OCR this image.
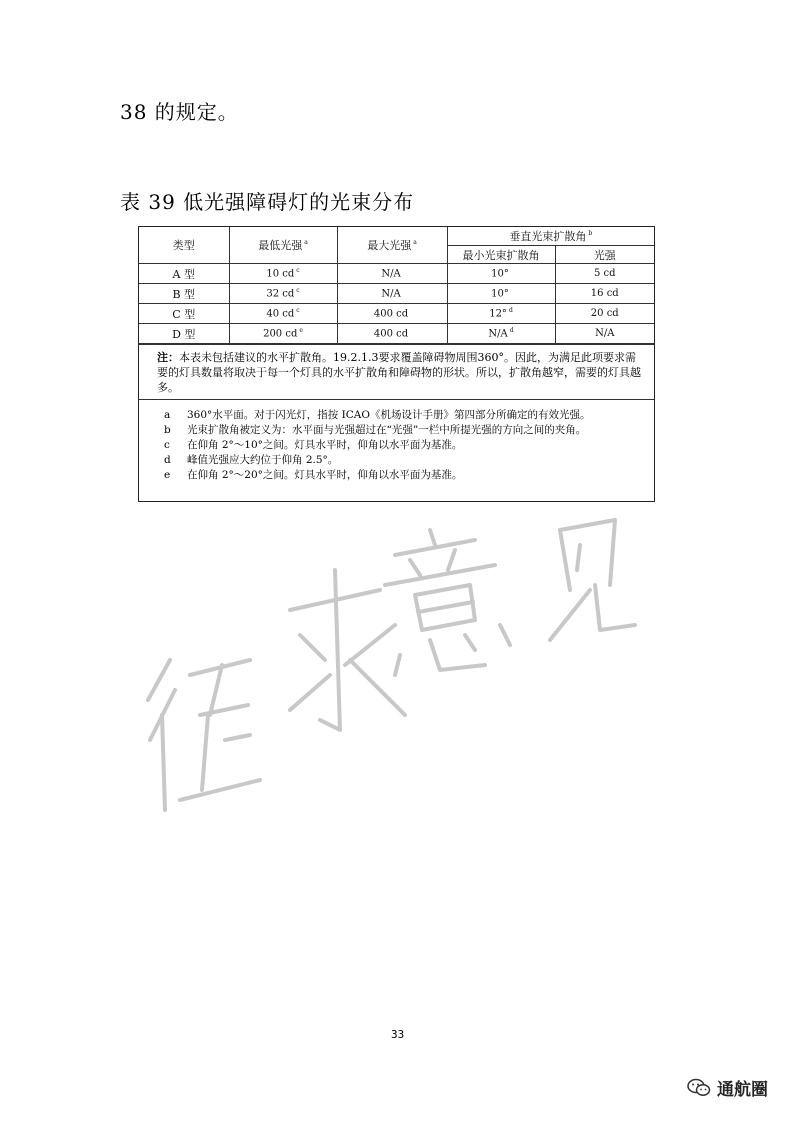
38 的规定。
表 39 低光强障碍灯的光束分布
类型	最低光强 $^a$	最大光强 $^a$	垂直光束扩散角 $^b$
			最小光束扩散角	光强
A 型	10 cd $^c$	N/A	10°	5 cd
B 型	32 cd $^c$	N/A	10°	16 cd
C 型	40 cd $^c$	400 cd	12° $^d$	20 cd
D 型	200 cd $^e$	400 cd	N/A $^d$	N/A
注：本表未包括建议的水平扩散角。19.2.1.3要求覆盖障碍物周围360°。因此，为满足此项要求需要的灯具数量将取决于每一个灯具的水平扩散角和障碍物的形状。所以，扩散角越窄，需要的灯具越多。
a	360°水平面。对于闪光灯，指按 ICAO《机场设计手册》第四部分所确定的有效光强。
b	光束扩散角被定义为：水平面与光强超过在“光强”一栏中所提光强的方向之间的夹角。
c	在仰角 2°～10°之间。灯具水平时，仰角以水平面为基准。
d	峰值光强应大约位于仰角 2.5°。
e	在仰角 2°～20°之间。灯具水平时，仰角以水平面为基准。
33
通航圈
